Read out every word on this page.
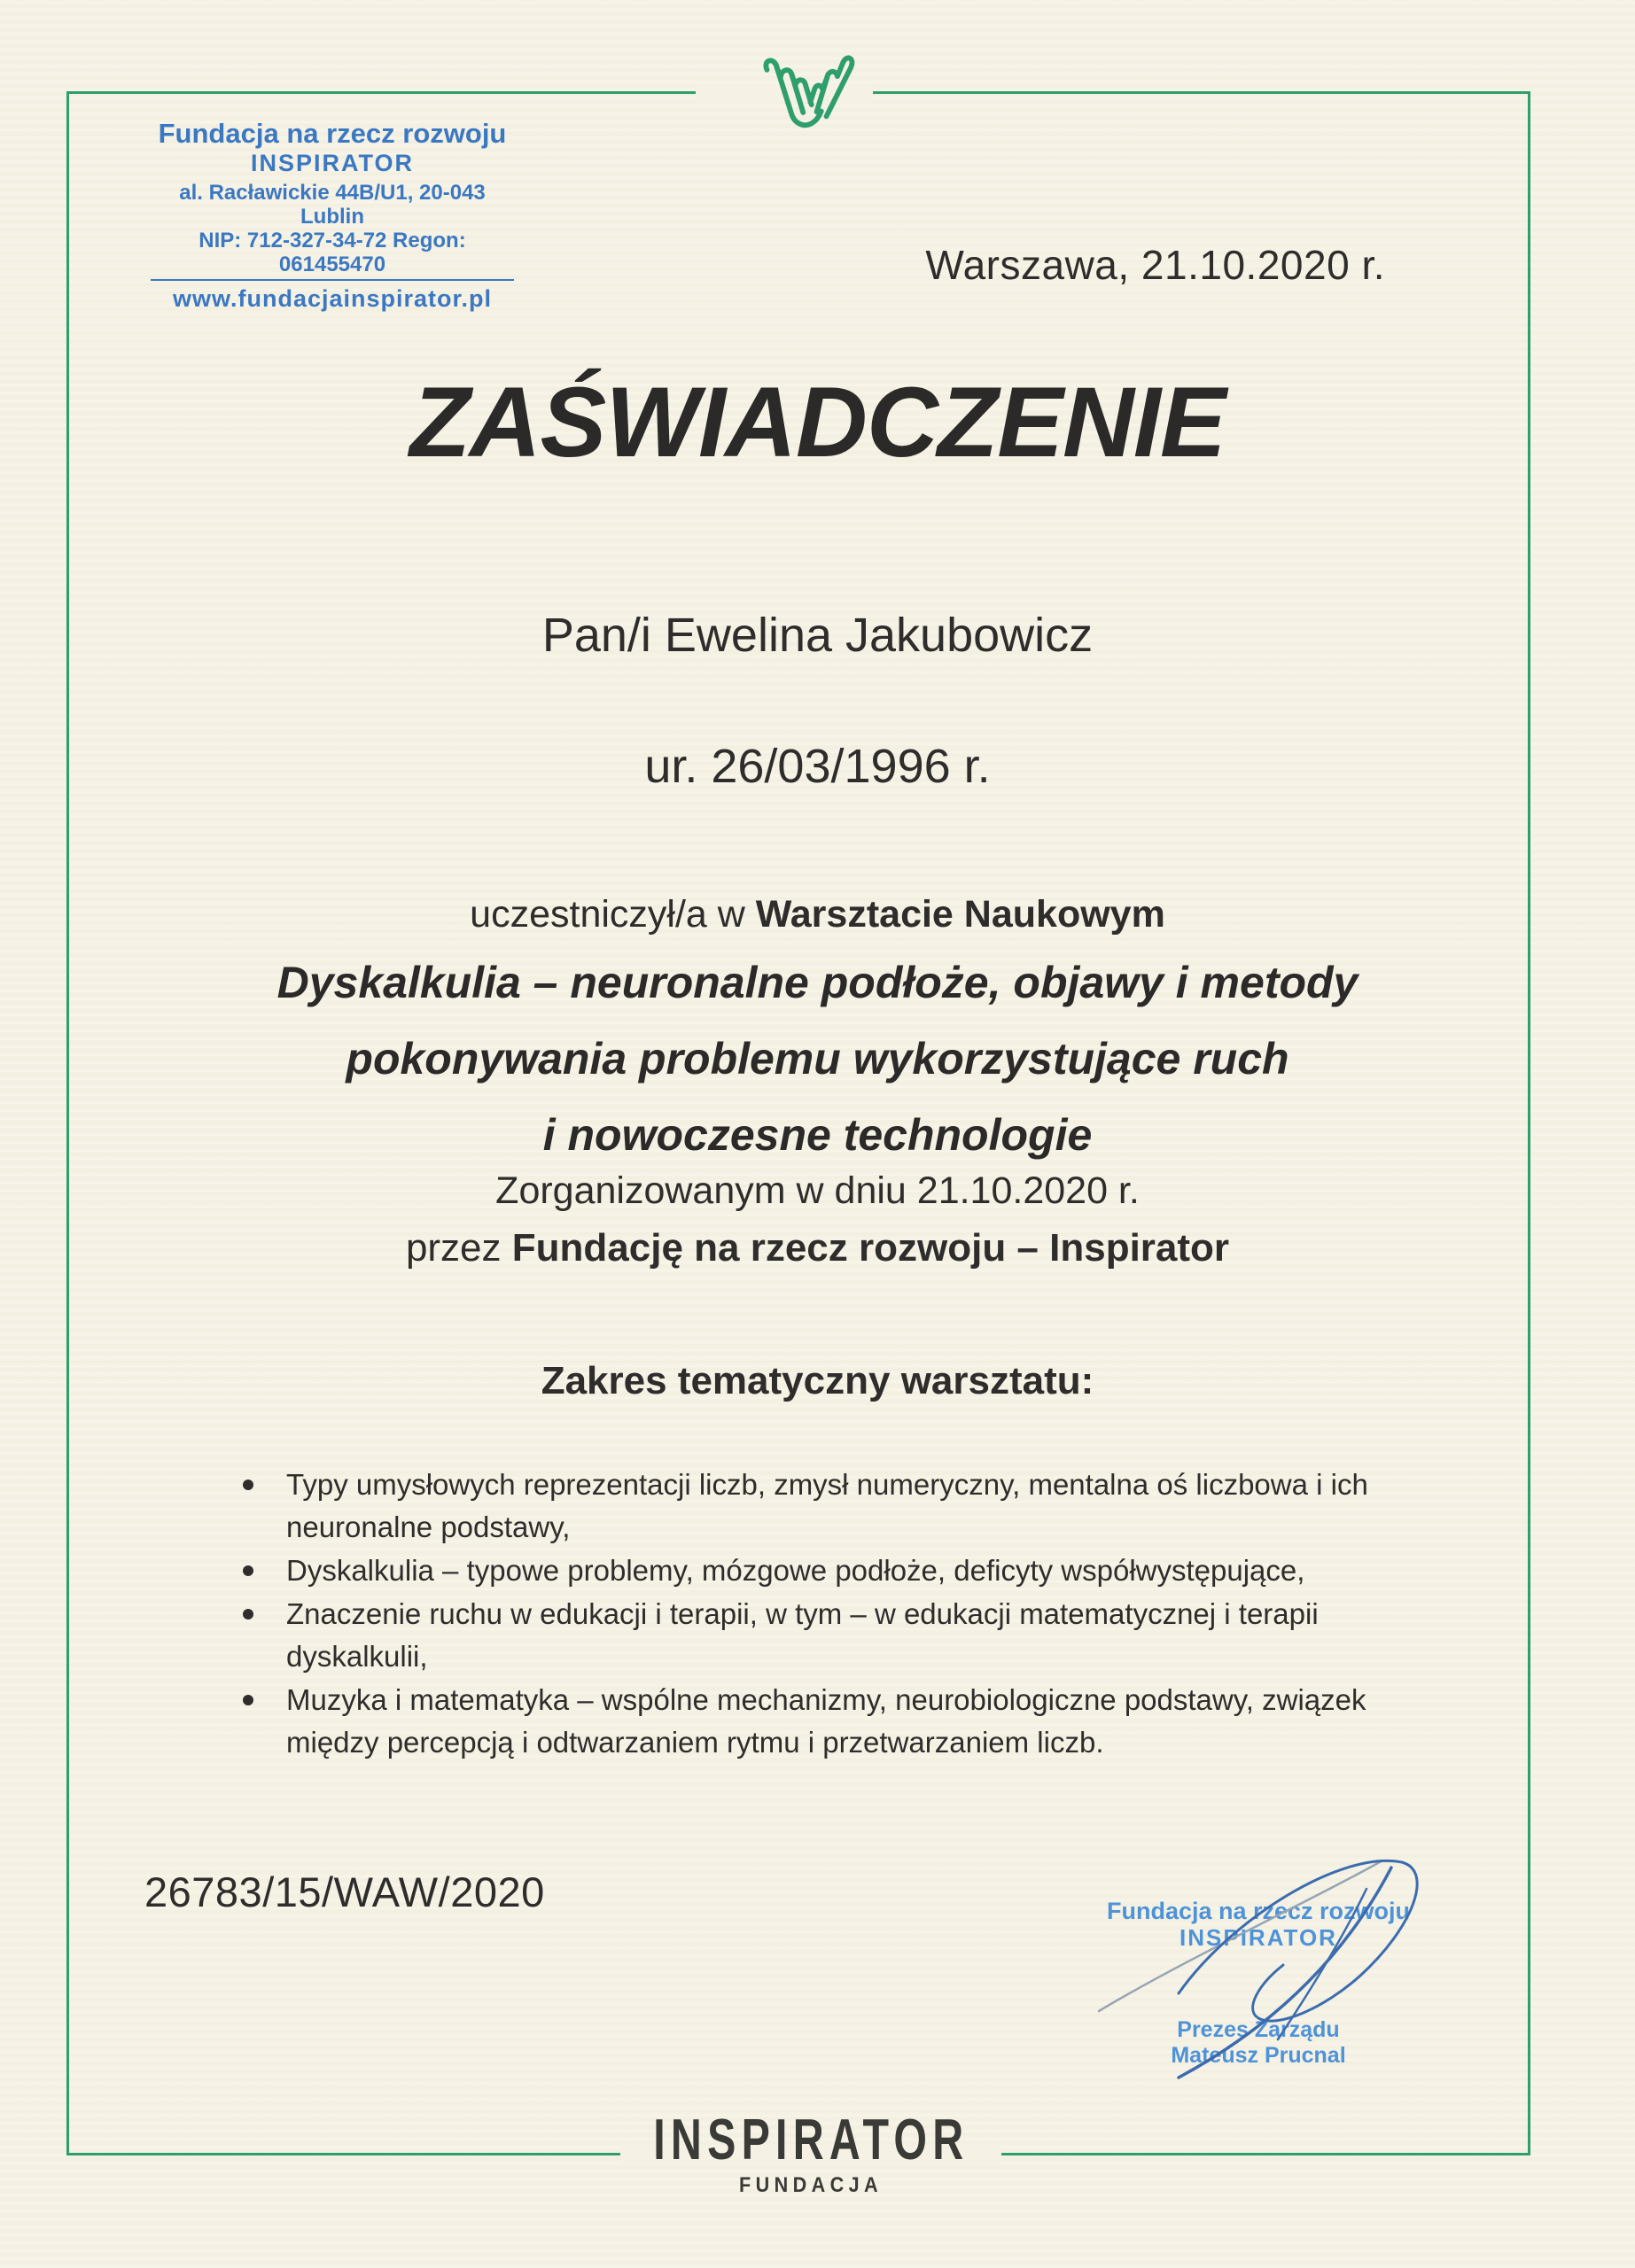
Fundacja na rzecz rozwoju
INSPIRATOR
al. Racławickie 44B/U1, 20-043 Lublin
NIP: 712-327-34-72 Regon: 061455470
www.fundacjainspirator.pl
Warszawa, 21.10.2020 r.
ZAŚWIADCZENIE
Pan/i Ewelina Jakubowicz
ur. 26/03/1996 r.
uczestniczył/a w Warsztacie Naukowym
Dyskalkulia – neuronalne podłoże, objawy i metody
pokonywania problemu wykorzystujące ruch
i nowoczesne technologie
Zorganizowanym w dniu 21.10.2020 r.
przez Fundację na rzecz rozwoju – Inspirator
Zakres tematyczny warsztatu:
Typy umysłowych reprezentacji liczb, zmysł numeryczny, mentalna oś liczbowa i ich neuronalne podstawy,
Dyskalkulia – typowe problemy, mózgowe podłoże, deficyty współwystępujące,
Znaczenie ruchu w edukacji i terapii, w tym – w edukacji matematycznej i terapii dyskalkulii,
Muzyka i matematyka – wspólne mechanizmy, neurobiologiczne podstawy, związek między percepcją i odtwarzaniem rytmu i przetwarzaniem liczb.
26783/15/WAW/2020	Fundacja na rzecz rozwoju
INSPIRATOR
Prezes Zarządu
Mateusz Prucnal
INSPIRATOR
FUNDACJA
